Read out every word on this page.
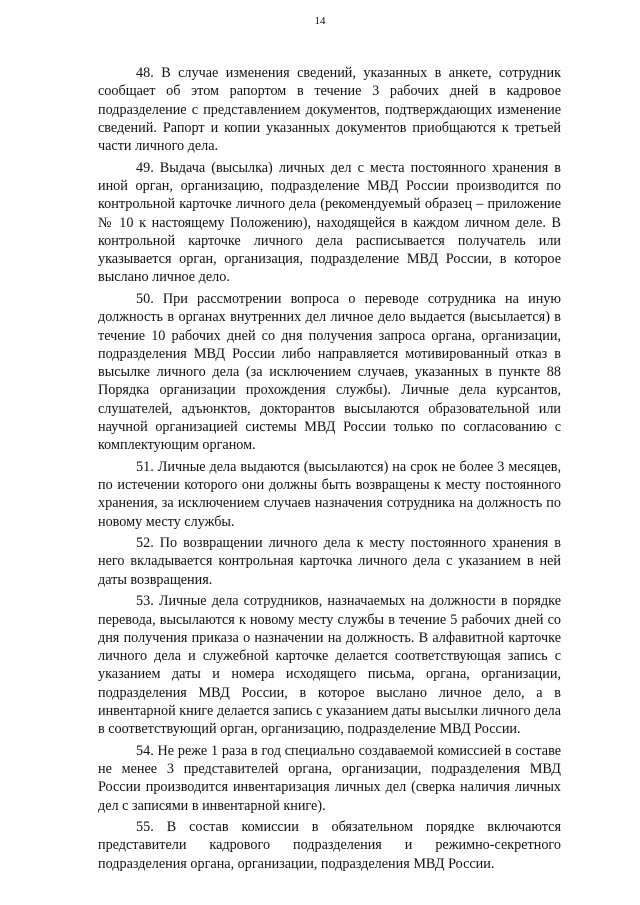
14

48. В случае изменения сведений, указанных в анкете, сотрудник сообщает об этом рапортом в течение 3 рабочих дней в кадровое подразделение с представлением документов, подтверждающих изменение сведений. Рапорт и копии указанных документов приобщаются к третьей части личного дела.

49. Выдача (высылка) личных дел с места постоянного хранения в иной орган, организацию, подразделение МВД России производится по контрольной карточке личного дела (рекомендуемый образец – приложение № 10 к настоящему Положению), находящейся в каждом личном деле. В контрольной карточке личного дела расписывается получатель или указывается орган, организация, подразделение МВД России, в которое выслано личное дело.

50. При рассмотрении вопроса о переводе сотрудника на иную должность в органах внутренних дел личное дело выдается (высылается) в течение 10 рабочих дней со дня получения запроса органа, организации, подразделения МВД России либо направляется мотивированный отказ в высылке личного дела (за исключением случаев, указанных в пункте 88 Порядка организации прохождения службы). Личные дела курсантов, слушателей, адъюнктов, докторантов высылаются образовательной или научной организацией системы МВД России только по согласованию с комплектующим органом.

51. Личные дела выдаются (высылаются) на срок не более 3 месяцев, по истечении которого они должны быть возвращены к месту постоянного хранения, за исключением случаев назначения сотрудника на должность по новому месту службы.

52. По возвращении личного дела к месту постоянного хранения в него вкладывается контрольная карточка личного дела с указанием в ней даты возвращения.

53. Личные дела сотрудников, назначаемых на должности в порядке перевода, высылаются к новому месту службы в течение 5 рабочих дней со дня получения приказа о назначении на должность. В алфавитной карточке личного дела и служебной карточке делается соответствующая запись с указанием даты и номера исходящего письма, органа, организации, подразделения МВД России, в которое выслано личное дело, а в инвентарной книге делается запись с указанием даты высылки личного дела в соответствующий орган, организацию, подразделение МВД России.

54. Не реже 1 раза в год специально создаваемой комиссией в составе не менее 3 представителей органа, организации, подразделения МВД России производится инвентаризация личных дел (сверка наличия личных дел с записями в инвентарной книге).

55. В состав комиссии в обязательном порядке включаются представители кадрового подразделения и режимно-секретного подразделения органа, организации, подразделения МВД России.
